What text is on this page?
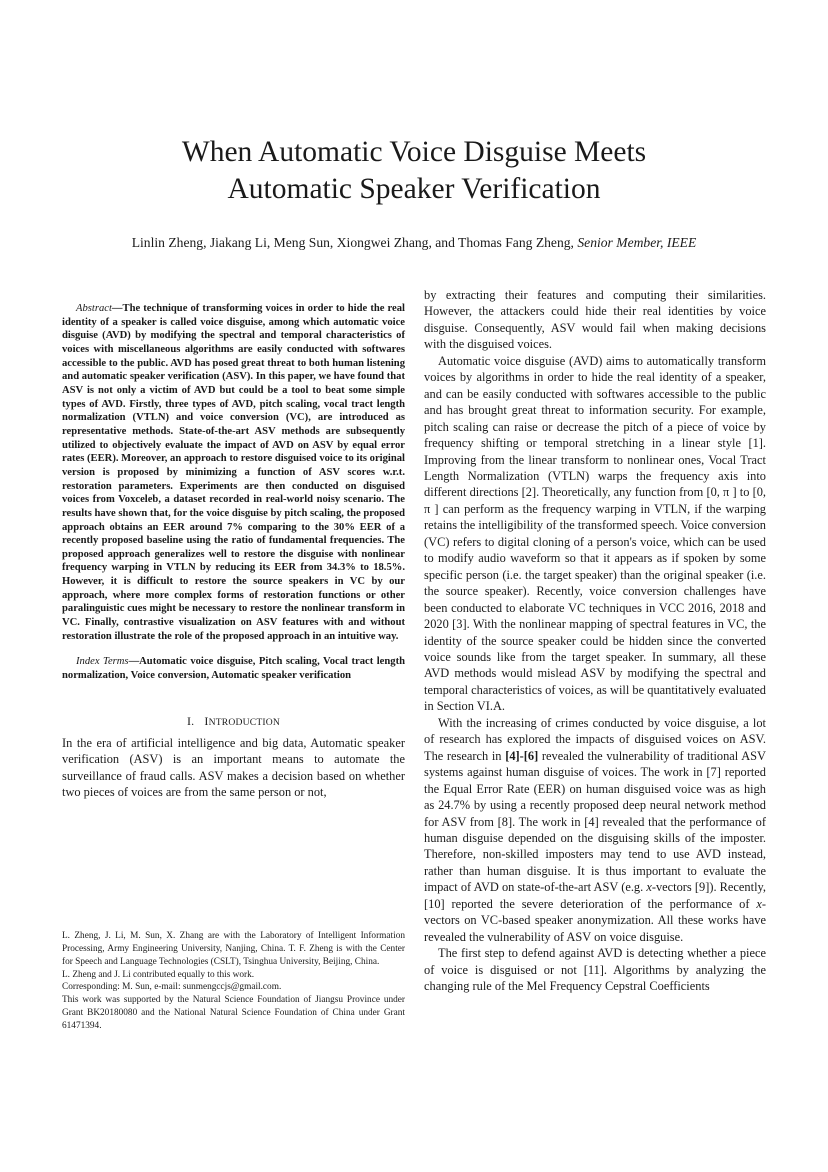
When Automatic Voice Disguise Meets
Automatic Speaker Verification
Linlin Zheng, Jiakang Li, Meng Sun, Xiongwei Zhang, and Thomas Fang Zheng, Senior Member, IEEE

Abstract—The technique of transforming voices in order to hide the real identity of a speaker is called voice disguise, among which automatic voice disguise (AVD) by modifying the spectral and temporal characteristics of voices with miscellaneous algorithms are easily conducted with softwares accessible to the public. AVD has posed great threat to both human listening and automatic speaker verification (ASV). In this paper, we have found that ASV is not only a victim of AVD but could be a tool to beat some simple types of AVD. Firstly, three types of AVD, pitch scaling, vocal tract length normalization (VTLN) and voice conversion (VC), are introduced as representative methods. State-of-the-art ASV methods are subsequently utilized to objectively evaluate the impact of AVD on ASV by equal error rates (EER). Moreover, an approach to restore disguised voice to its original version is proposed by minimizing a function of ASV scores w.r.t. restoration parameters. Experiments are then conducted on disguised voices from Voxceleb, a dataset recorded in real-world noisy scenario. The results have shown that, for the voice disguise by pitch scaling, the proposed approach obtains an EER around 7% comparing to the 30% EER of a recently proposed baseline using the ratio of fundamental frequencies. The proposed approach generalizes well to restore the disguise with nonlinear frequency warping in VTLN by reducing its EER from 34.3% to 18.5%. However, it is difficult to restore the source speakers in VC by our approach, where more complex forms of restoration functions or other paralinguistic cues might be necessary to restore the nonlinear transform in VC. Finally, contrastive visualization on ASV features with and without restoration illustrate the role of the proposed approach in an intuitive way.

Index Terms—Automatic voice disguise, Pitch scaling, Vocal tract length normalization, Voice conversion, Automatic speaker verification

I. INTRODUCTION

In the era of artificial intelligence and big data, Automatic speaker verification (ASV) is an important means to automate the surveillance of fraud calls. ASV makes a decision based on whether two pieces of voices are from the same person or not,

L. Zheng, J. Li, M. Sun, X. Zhang are with the Laboratory of Intelligent Information Processing, Army Engineering University, Nanjing, China. T. F. Zheng is with the Center for Speech and Language Technologies (CSLT), Tsinghua University, Beijing, China.

L. Zheng and J. Li contributed equally to this work.

Corresponding: M. Sun, e-mail: sunmengccjs@gmail.com.

This work was supported by the Natural Science Foundation of Jiangsu Province under Grant BK20180080 and the National Natural Science Foundation of China under Grant 61471394.

by extracting their features and computing their similarities. However, the attackers could hide their real identities by voice disguise. Consequently, ASV would fail when making decisions with the disguised voices.

Automatic voice disguise (AVD) aims to automatically transform voices by algorithms in order to hide the real identity of a speaker, and can be easily conducted with softwares accessible to the public and has brought great threat to information security. For example, pitch scaling can raise or decrease the pitch of a piece of voice by frequency shifting or temporal stretching in a linear style [1]. Improving from the linear transform to nonlinear ones, Vocal Tract Length Normalization (VTLN) warps the frequency axis into different directions [2]. Theoretically, any function from [0, π ] to [0, π ] can perform as the frequency warping in VTLN, if the warping retains the intelligibility of the transformed speech. Voice conversion (VC) refers to digital cloning of a person's voice, which can be used to modify audio waveform so that it appears as if spoken by some specific person (i.e. the target speaker) than the original speaker (i.e. the source speaker). Recently, voice conversion challenges have been conducted to elaborate VC techniques in VCC 2016, 2018 and 2020 [3]. With the nonlinear mapping of spectral features in VC, the identity of the source speaker could be hidden since the converted voice sounds like from the target speaker. In summary, all these AVD methods would mislead ASV by modifying the spectral and temporal characteristics of voices, as will be quantitatively evaluated in Section VI.A.

With the increasing of crimes conducted by voice disguise, a lot of research has explored the impacts of disguised voices on ASV. The research in [4]-[6] revealed the vulnerability of traditional ASV systems against human disguise of voices. The work in [7] reported the Equal Error Rate (EER) on human disguised voice was as high as 24.7% by using a recently proposed deep neural network method for ASV from [8]. The work in [4] revealed that the performance of human disguise depended on the disguising skills of the imposter. Therefore, non-skilled imposters may tend to use AVD instead, rather than human disguise. It is thus important to evaluate the impact of AVD on state-of-the-art ASV (e.g. x-vectors [9]). Recently, [10] reported the severe deterioration of the performance of x-vectors on VC-based speaker anonymization. All these works have revealed the vulnerability of ASV on voice disguise.

The first step to defend against AVD is detecting whether a piece of voice is disguised or not [11]. Algorithms by analyzing the changing rule of the Mel Frequency Cepstral Coefficients
